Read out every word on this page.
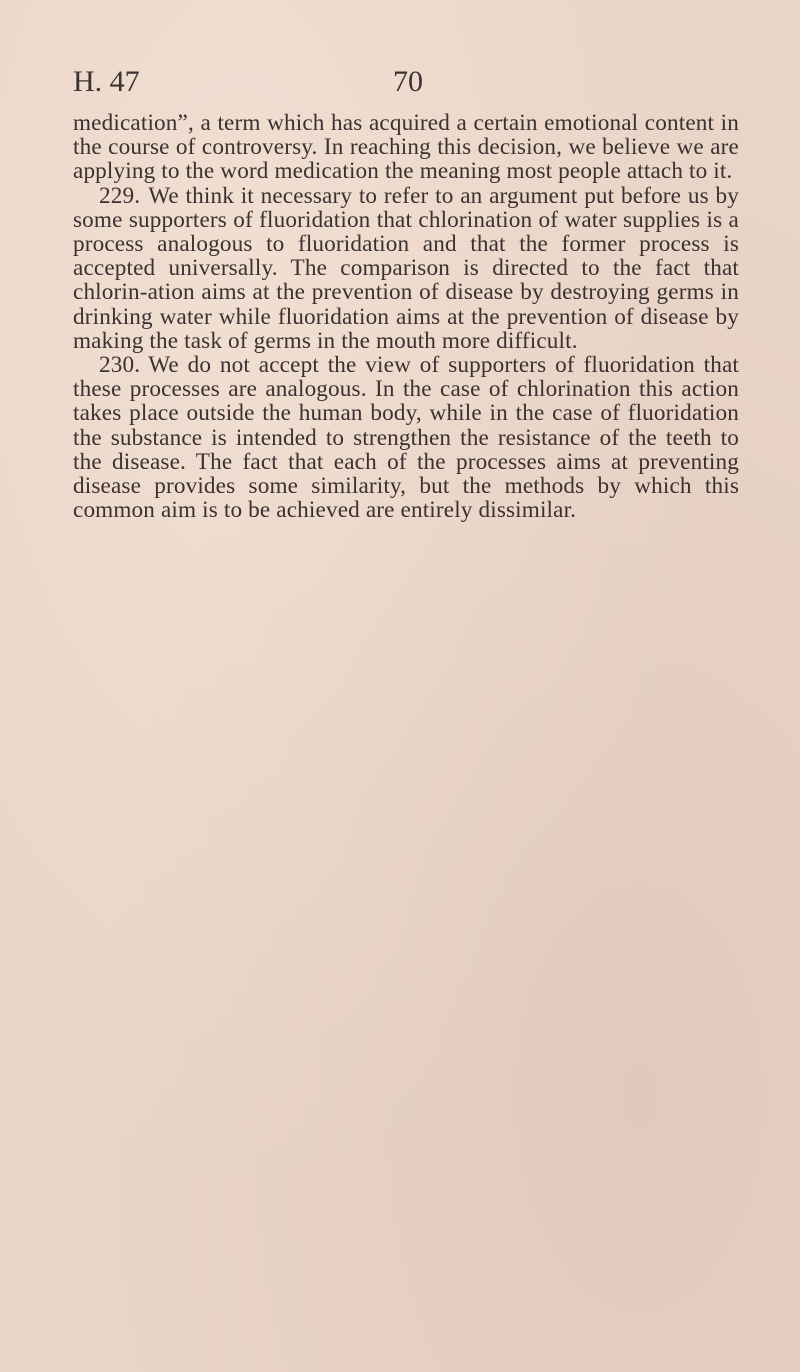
H. 47	70

medication”, a term which has acquired a certain emotional content in the course of controversy. In reaching this decision, we believe we are applying to the word medication the meaning most people attach to it.

229. We think it necessary to refer to an argument put before us by some supporters of fluoridation that chlorination of water supplies is a process analogous to fluoridation and that the former process is accepted universally. The comparison is directed to the fact that chlorin-ation aims at the prevention of disease by destroying germs in drinking water while fluoridation aims at the prevention of disease by making the task of germs in the mouth more difficult.

230. We do not accept the view of supporters of fluoridation that these processes are analogous. In the case of chlorination this action takes place outside the human body, while in the case of fluoridation the substance is intended to strengthen the resistance of the teeth to the disease. The fact that each of the processes aims at preventing disease provides some similarity, but the methods by which this common aim is to be achieved are entirely dissimilar.
